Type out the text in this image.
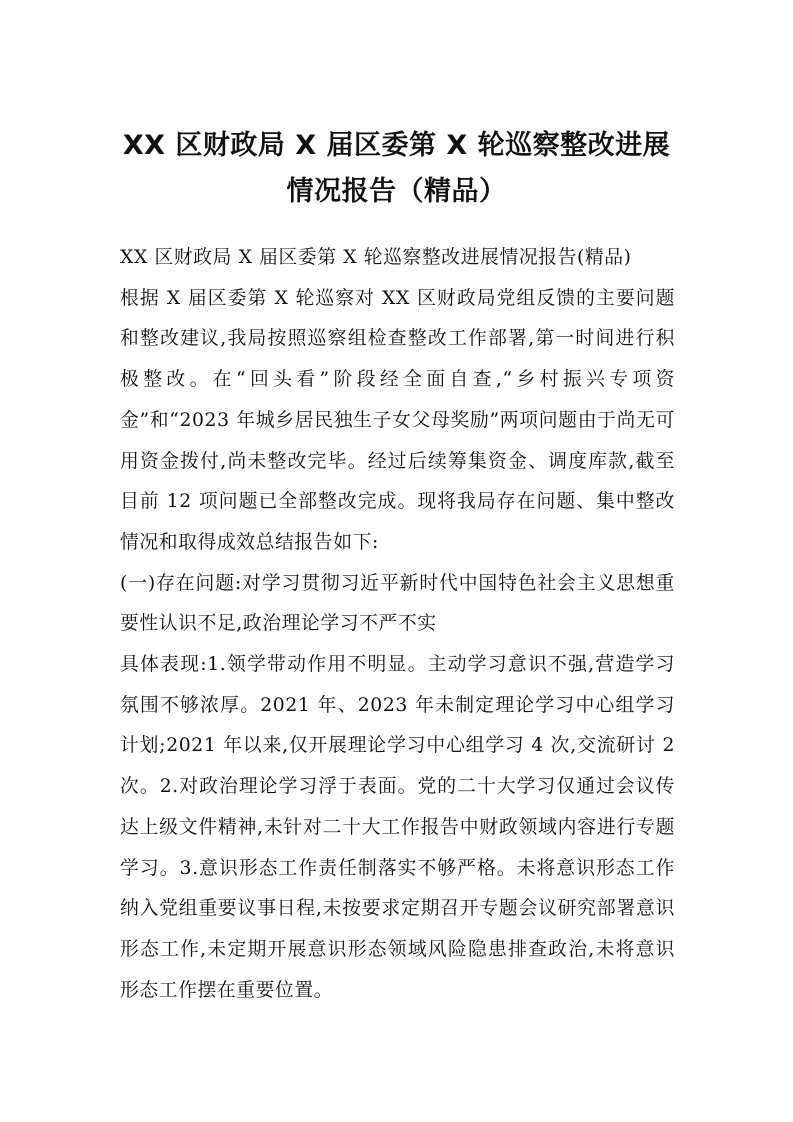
XX 区财政局 X 届区委第 X 轮巡察整改进展
情况报告（精品）

XX 区财政局 X 届区委第 X 轮巡察整改进展情况报告(精品)

根据 X 届区委第 X 轮巡察对 XX 区财政局党组反馈的主要问题和整改建议,我局按照巡察组检查整改工作部署,第一时间进行积极整改。在“回头看”阶段经全面自查,“乡村振兴专项资金”和“2023 年城乡居民独生子女父母奖励”两项问题由于尚无可用资金拨付,尚未整改完毕。经过后续筹集资金、调度库款,截至目前 12 项问题已全部整改完成。现将我局存在问题、集中整改情况和取得成效总结报告如下:

(一)存在问题:对学习贯彻习近平新时代中国特色社会主义思想重要性认识不足,政治理论学习不严不实

具体表现:1.领学带动作用不明显。主动学习意识不强,营造学习氛围不够浓厚。2021 年、2023 年未制定理论学习中心组学习计划;2021 年以来,仅开展理论学习中心组学习 4 次,交流研讨 2 次。2.对政治理论学习浮于表面。党的二十大学习仅通过会议传达上级文件精神,未针对二十大工作报告中财政领域内容进行专题学习。3.意识形态工作责任制落实不够严格。未将意识形态工作纳入党组重要议事日程,未按要求定期召开专题会议研究部署意识形态工作,未定期开展意识形态领域风险隐患排查政治,未将意识形态工作摆在重要位置。
